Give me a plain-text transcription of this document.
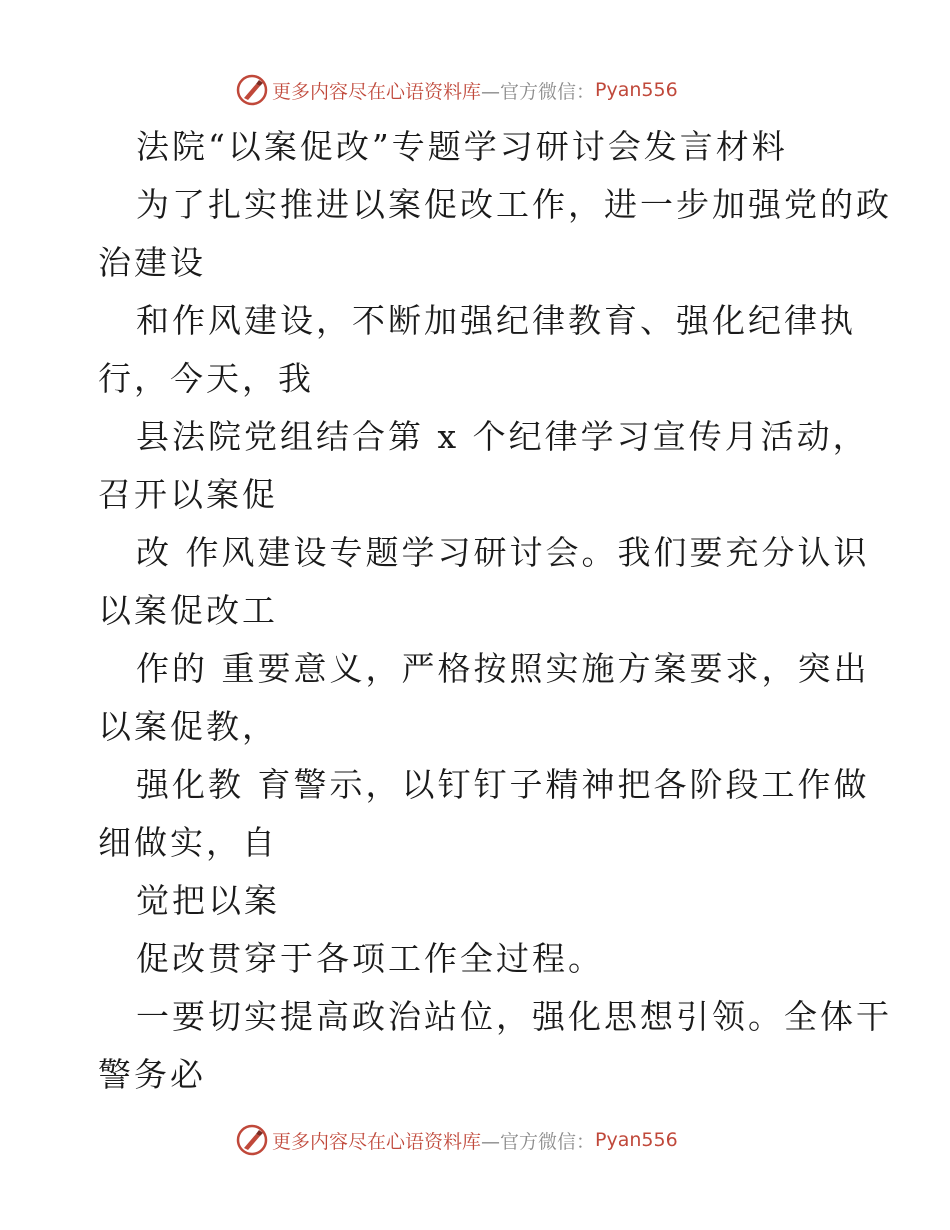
更多内容尽在心语资料库 —官方微信： Pyan556
法院“以案促改”专题学习研讨会发言材料
为了扎实推进以案促改工作，进一步加强党的政
治建设
和作风建设，不断加强纪律教育、强化纪律执
行，今天，我
县法院党组结合第 x 个纪律学习宣传月活动，
召开以案促
改 作风建设专题学习研讨会。我们要充分认识
以案促改工
作的 重要意义，严格按照实施方案要求，突出
以案促教，
强化教 育警示，以钉钉子精神把各阶段工作做
细做实，自
觉把以案
促改贯穿于各项工作全过程。
一要切实提高政治站位，强化思想引领。全体干
警务必
更多内容尽在心语资料库 —官方微信： Pyan556
